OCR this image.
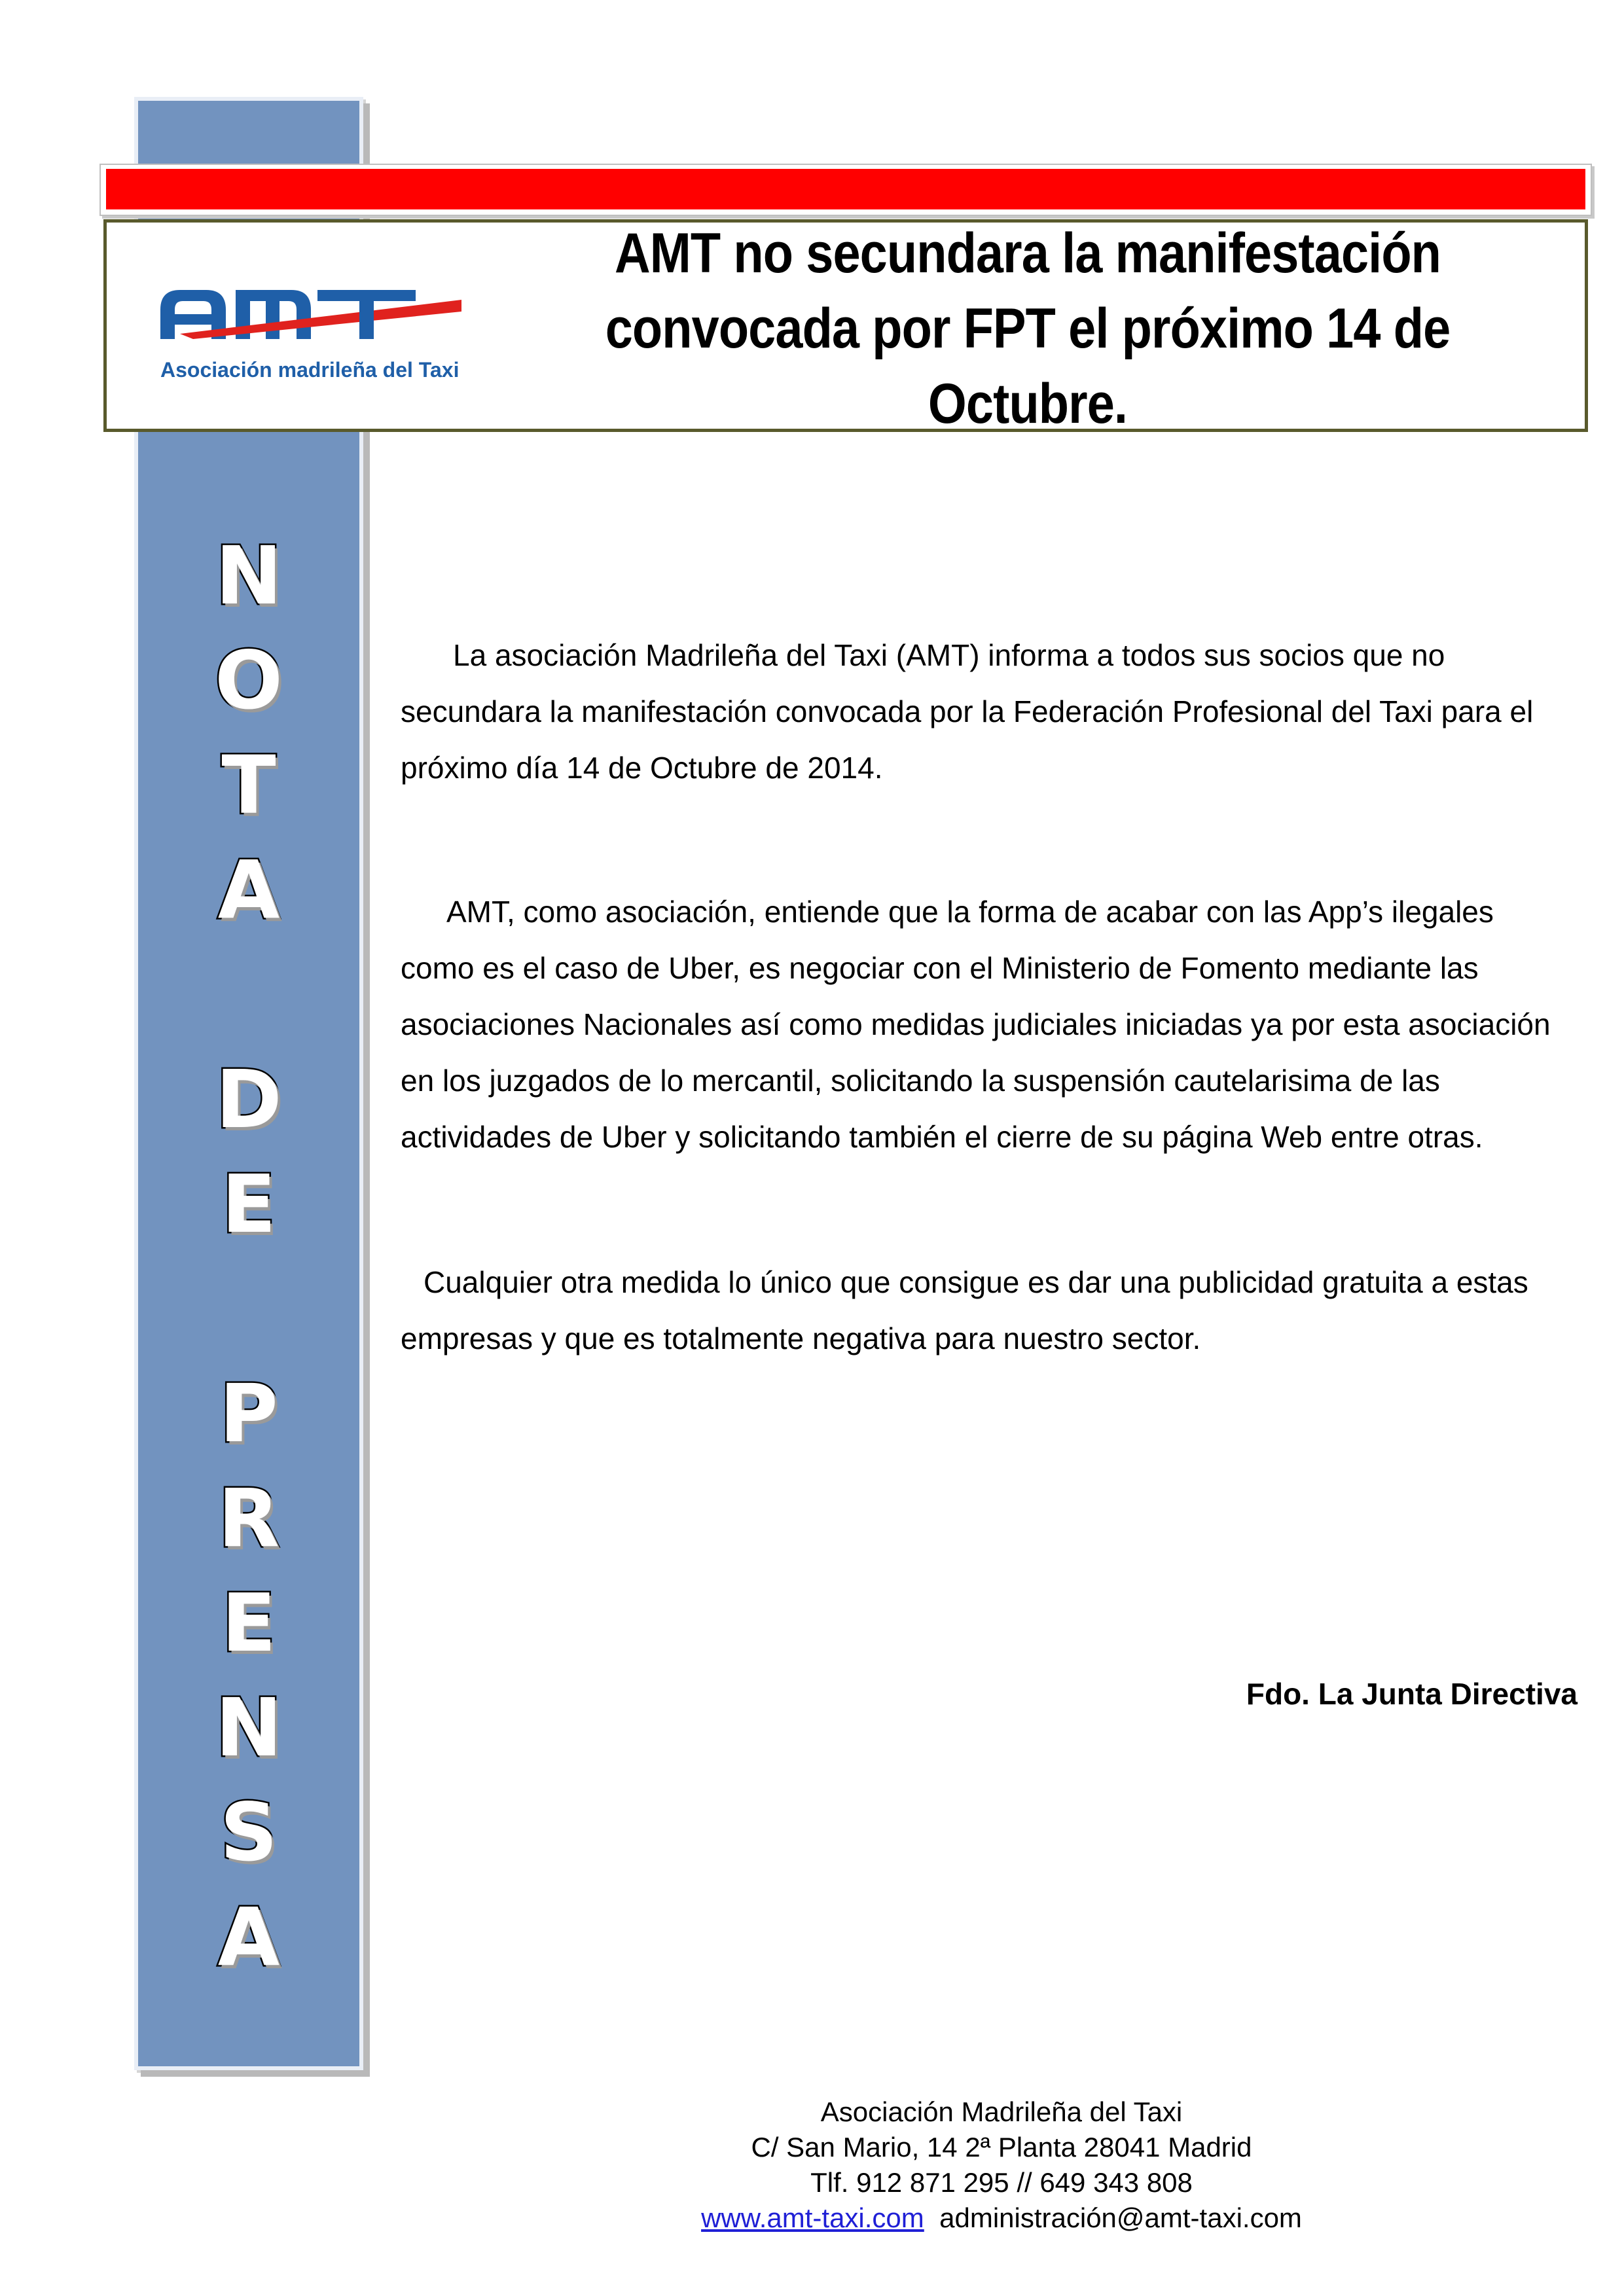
N
O
T
A
D
E
P
R
E
N
S
A
Asociación madrileña del Taxi
AMT no secundara la manifestación
convocada por FPT el próximo 14 de
Octubre.

La asociación Madrileña del Taxi (AMT) informa a todos sus socios que no secundara la manifestación convocada por la Federación Profesional del Taxi para el próximo día 14 de Octubre de 2014.

AMT, como asociación, entiende que la forma de acabar con las App’s ilegales como es el caso de Uber, es negociar con el Ministerio de Fomento mediante las asociaciones Nacionales así como medidas judiciales iniciadas ya por esta asociación en los juzgados de lo mercantil, solicitando la suspensión cautelarisima de las actividades de Uber y solicitando también el cierre de su página Web entre otras.

Cualquier otra medida lo único que consigue es dar una publicidad gratuita a estas empresas y que es totalmente negativa para nuestro sector.

Fdo. La Junta Directiva
Asociación Madrileña del Taxi
C/ San Mario, 14 2ª Planta 28041 Madrid
Tlf. 912 871 295 // 649 343 808
www.amt-taxi.com administración@amt-taxi.com
